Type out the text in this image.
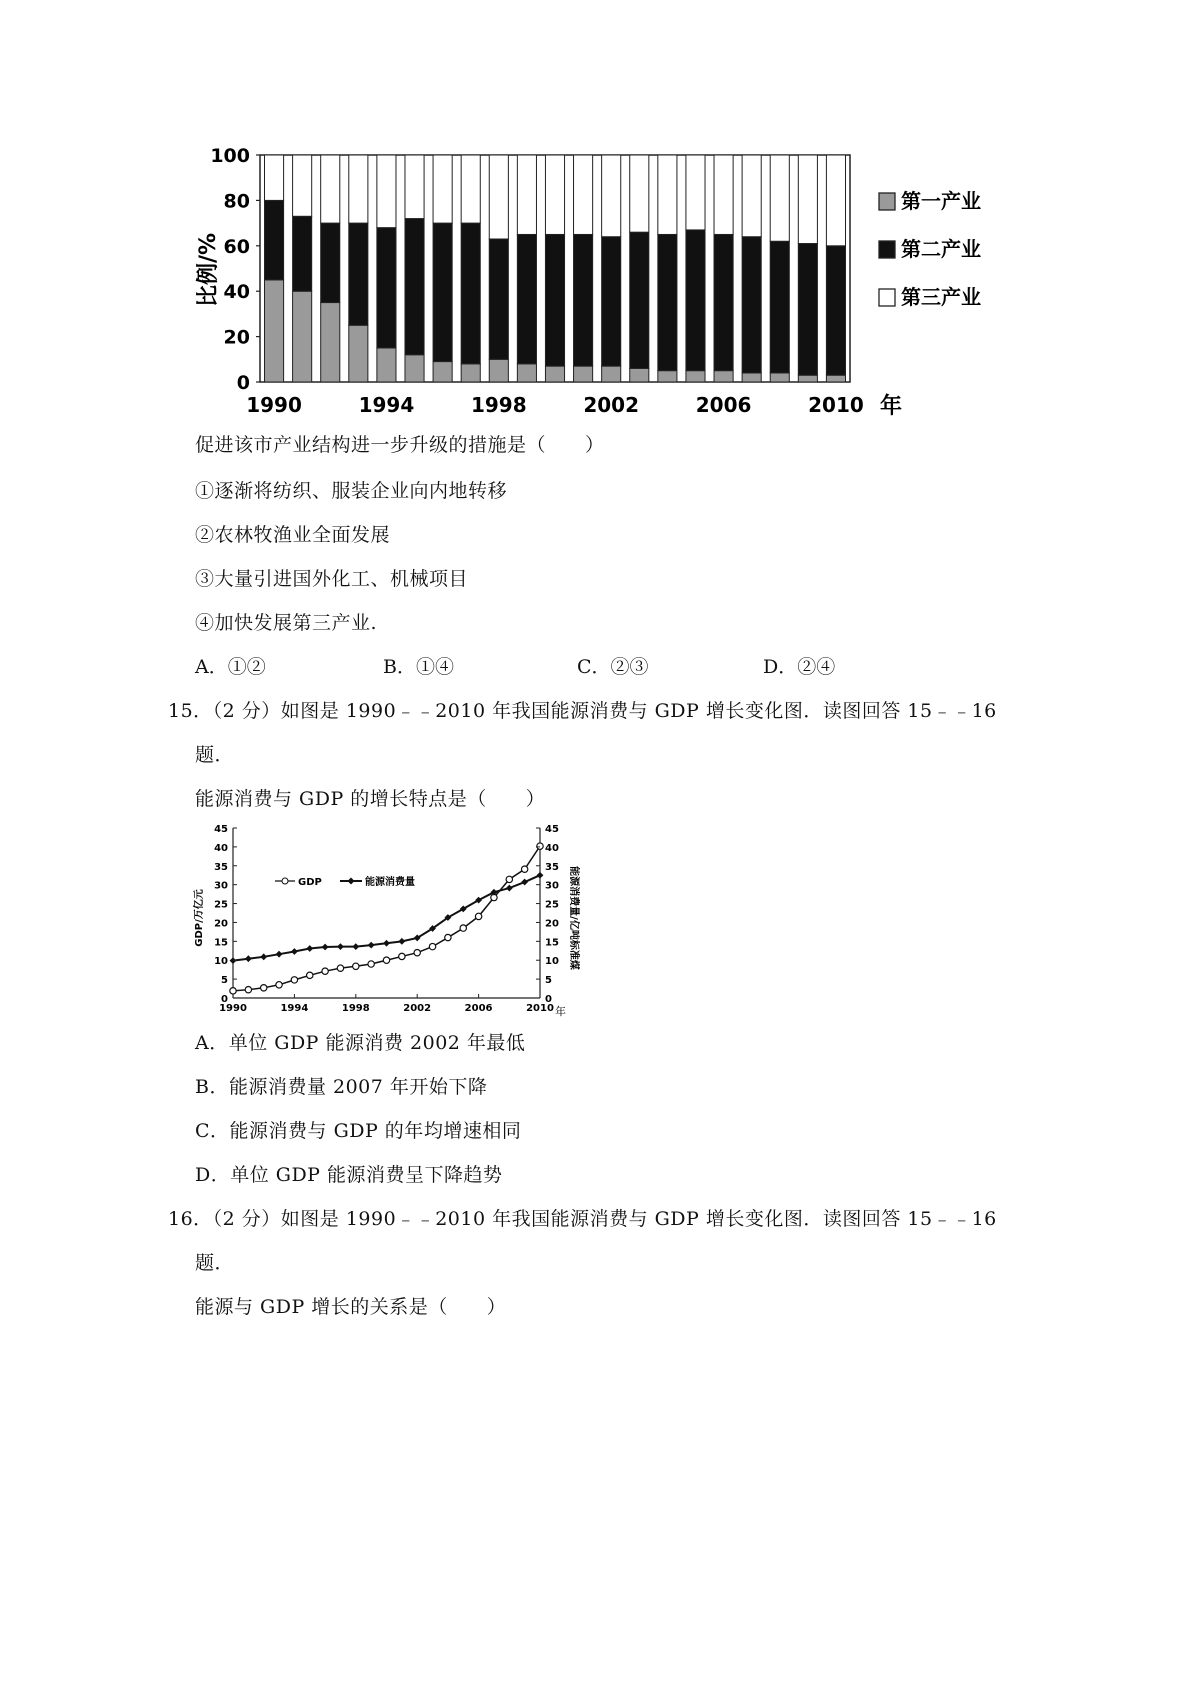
0
20
40
60
80
100
1990	1994	1998	2002	2006	2010
第一产业
第二产业
第三产业
比例/%
年
促进该市产业结构进一步升级的措施是（　　）
①逐渐将纺织、服装企业向内地转移
②农林牧渔业全面发展
③大量引进国外化工、机械项目
④加快发展第三产业.
A．①②	B．①④	C．②③	D．②④
15．（2 分）如图是 1990﹣﹣2010 年我国能源消费与 GDP 增长变化图．读图回答 15﹣﹣16
题．
能源消费与 GDP 的增长特点是（　　）
0	0
5	5
10	10
15	15
20	20
25	25
30	30
35	35
40	40
45	45
1990	1994	1998	2002	2006	2010
GDP	能源消费量
GDP/万亿元	能源消费量/亿吨标准煤
年
A．单位 GDP 能源消费 2002 年最低
B．能源消费量 2007 年开始下降
C．能源消费与 GDP 的年均增速相同
D．单位 GDP 能源消费呈下降趋势
16．（2 分）如图是 1990﹣﹣2010 年我国能源消费与 GDP 增长变化图．读图回答 15﹣﹣16
题．
能源与 GDP 增长的关系是（　　）
